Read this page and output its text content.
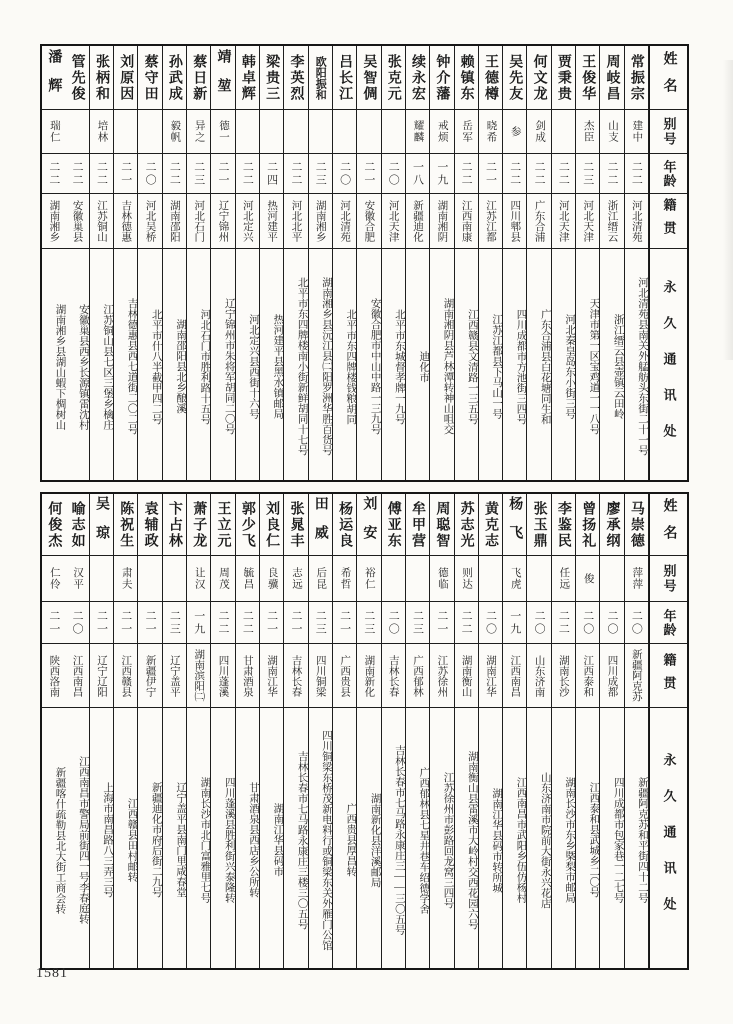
常振宗
建中
二二
河北清苑
河北清苑县南关外艋舫头东街二十一号
周岐昌
山支
二二
浙江缙云
浙江缙云县壶镇云田岭
王俊华
杰臣
二三
河北天津
天津市第一区宝鸡道一一八号
贾秉贵
二二
河北天津
河北秦皇岛东小街三号
何文龙
剑成
二二
广东合浦
广东合浦县白花塘同生和
吴先友
参
二二
四川郫县
四川成都市方池街三四号
王德樽
晓希
二一
江苏江都
江苏江都县下马山一号
赖镇东
岳军
二二
江西南康
江西赣县文清路一三五号
钟介藩
戒烦
一九
湖南湘阴
湖南湘阴县芦林潭转神山咀交
续永宏
耀麟
一八
新疆迪化
迪化市
张克元
二〇
河北天津
北平市东城督孝牌一九号
吴智倜
二一
安徽合肥
安徽合肥市中山中路一三九号
吕长江
二〇
河北清苑
北平市东四牌楼钱粮胡同
欧阳振和
二三
湖南湘乡
湖南湘乡县沅江县㈡阳罗洲华胜百货号
李英烈
二二
河北北平
北平市东四牌楼南小街新鲜胡同十七号
梁贵三
二四
热河建平
热河建平县黑水镇邮局
韩卓辉
二二
河北定兴
河北定兴县西街十六号
靖堃
德一
二一
辽宁锦州
辽宁锦州市朱将军胡同二〇号
蔡日新
异之
二三
河北石门
河北石门市胜利路十五号
孙武成
毅帆
二二
湖南邵阳
湖南邵阳县北乡酿溪
蔡守田
二〇
河北吴桥
北平市什八半截甲四二号
刘原因
二一
吉林德惠
吉林德惠县西七道街二〇二号
张柄和
培林
二二
江苏铜山
江苏铜山县七区三堡乡檎庄
管先俊
二二
安徽巢县
安徽巢县西乡长源镇雷沈村
潘辉
瑞仁
二二
湖南湘乡
湖南湘乡县湖山蝦下椆树山
姓名
别号
年龄
籍贯
永久通讯处
马崇德
萍萍
二〇
新疆阿克苏
新疆阿克苏和平街四十二号
廖承纲
二〇
四川成都
四川成都市包家巷一二七号
曾扬礼
俊
二〇
江西泰和
江西泰和县武城乡二〇号
李鉴民
任远
二二
湖南长沙
湖南长沙市东乡槩梨市邮局
张玉鼎
二〇
山东济南
山东济南市院前大街永兴花店
杨飞
飞虎
一九
江西南昌
江西南昌市武阳乡伍仿杨村
黄克志
二〇
湖南江华
湖南江华县码市转所城
苏志光
则达
二二
湖南衡山
湖南衡山县雷溪市大岭村交西花园六号
周聪智
德临
二一
江苏徐州
江苏徐州市彭路回龙窝三四号
牟甲营
二三
广西郁林
广西郁林县七星井巷车绍德学舍
傅亚东
二〇
吉林长春
吉林长春市七马路永康庄三——三〇五号
刘安
裕仁
二三
湖南新化
湖南新化县洋溪邮局
杨运良
希哲
二一
广西贵县
广西贵县厚昌转
田威
后昆
二三
四川铜梁
四川铜梁东桥茂新电料行或铜梁东关外雁门公馆
张晁丰
志远
二一
吉林长春
吉林长春市七马路永康庄三楼三〇五号
刘良仁
良骥
二一
湖南江华
湖南江华县码市
郭少飞
毓昌
二二
甘肃酒泉
甘肃酒泉县西店乡公所转
王立元
周茂
二二
四川蓬溪
四川蓬溪县胜利街兴泰隆转
萧子龙
让汉
一九
湖南滨阳㈡
湖南长沙市北门富雅里七号
卞占林
二三
辽宁盖平
辽宁盖平县南门里咸春堂
袁辅政
二一
新疆伊宁
新疆迪化市府后街二九号
陈祝生
肃夫
二一
江西赣县
江西赣县田村邮转
吴琼
二一
辽宁辽阳
上海市南昌路八三弄三号
喻志如
汉平
二〇
江西南昌
江西南昌市警局前街四一号李春庭转
何俊杰
仁伶
二一
陕西洛南
新疆喀什疏勒县北大街工商会转
姓名
别号
年龄
籍贯
永久通讯处
1581
